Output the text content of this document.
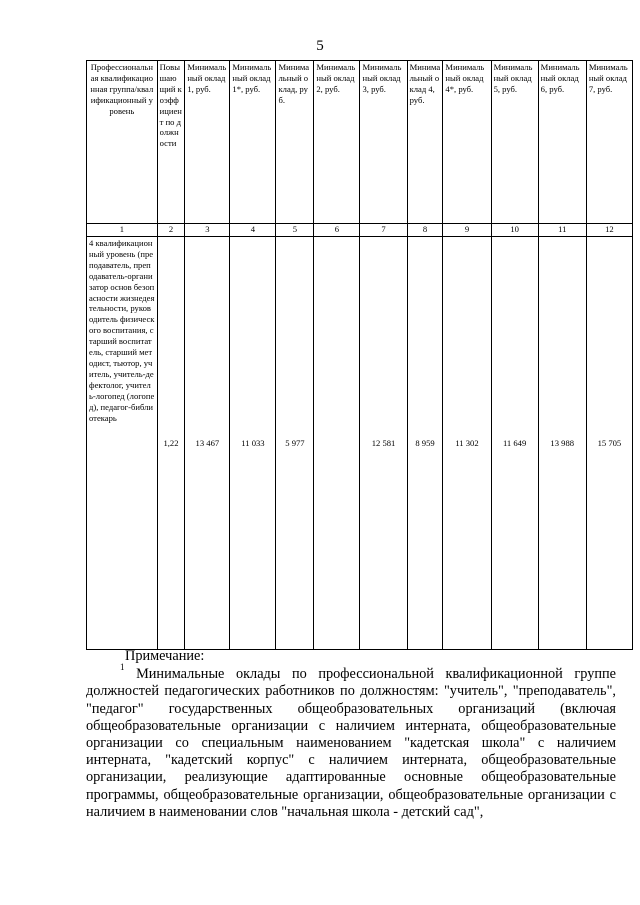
5
Профессиональная квалификационная группа/квалификационный уровень	Повышающий коэффициент по должности	Минимальный оклад 1, руб.	Минимальный оклад 1*, руб.	Минимальный оклад, руб.	Минимальный оклад 2, руб.	Минимальный оклад 3, руб.	Минимальный оклад 4, руб.	Минимальный оклад 4*, руб.	Минимальный оклад 5, руб.	Минимальный оклад 6, руб.	Минимальный оклад 7, руб.
1	2	3	4	5	6	7	8	9	10	11	12
4 квалификационный уровень (преподаватель, преподаватель-организатор основ безопасности жизнедеятельности, руководитель физического воспитания, старший воспитатель, старший методист, тьютор, учитель, учитель-дефектолог, учитель-логопед (логопед), педагог-библиотекарь	1,22	13 467	11 033	5 977		12 581	8 959	11 302	11 649	13 988	15 705
Примечание:

$^1$ Минимальные оклады по профессиональной квалификационной группе должностей педагогических работников по должностям: "учитель", "преподаватель", "педагог" государственных общеобразовательных организаций (включая общеобразовательные организации с наличием интерната, общеобразовательные организации со специальным наименованием "кадетская школа" с наличием интерната, "кадетский корпус" с наличием интерната, общеобразовательные организации, реализующие адаптированные основные общеобразовательные программы, общеобразовательные организации, общеобразовательные организации с наличием в наименовании слов "начальная школа - детский сад",
